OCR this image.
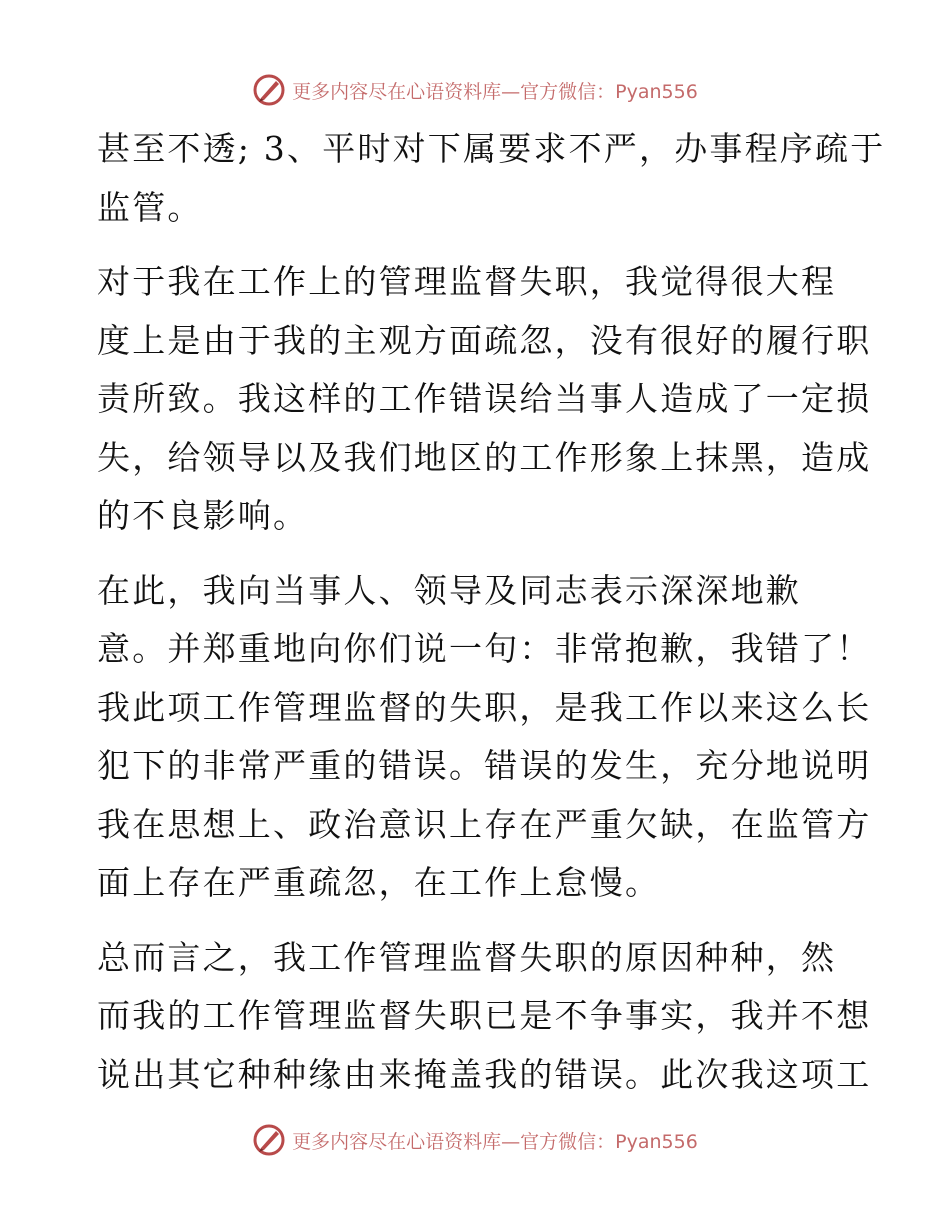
更多内容尽在心语资料库—官方微信：Pyan556

甚至不透; 3、平时对下属要求不严，办事程序疏于
监管。

对于我在工作上的管理监督失职，我觉得很大程
度上是由于我的主观方面疏忽，没有很好的履行职
责所致。我这样的工作错误给当事人造成了一定损
失，给领导以及我们地区的工作形象上抹黑，造成
的不良影响。

在此，我向当事人、领导及同志表示深深地歉
意。并郑重地向你们说一句：非常抱歉，我错了！
我此项工作管理监督的失职，是我工作以来这么长
犯下的非常严重的错误。错误的发生，充分地说明
我在思想上、政治意识上存在严重欠缺，在监管方
面上存在严重疏忽，在工作上怠慢。

总而言之，我工作管理监督失职的原因种种，然
而我的工作管理监督失职已是不争事实，我并不想
说出其它种种缘由来掩盖我的错误。此次我这项工

更多内容尽在心语资料库—官方微信：Pyan556
